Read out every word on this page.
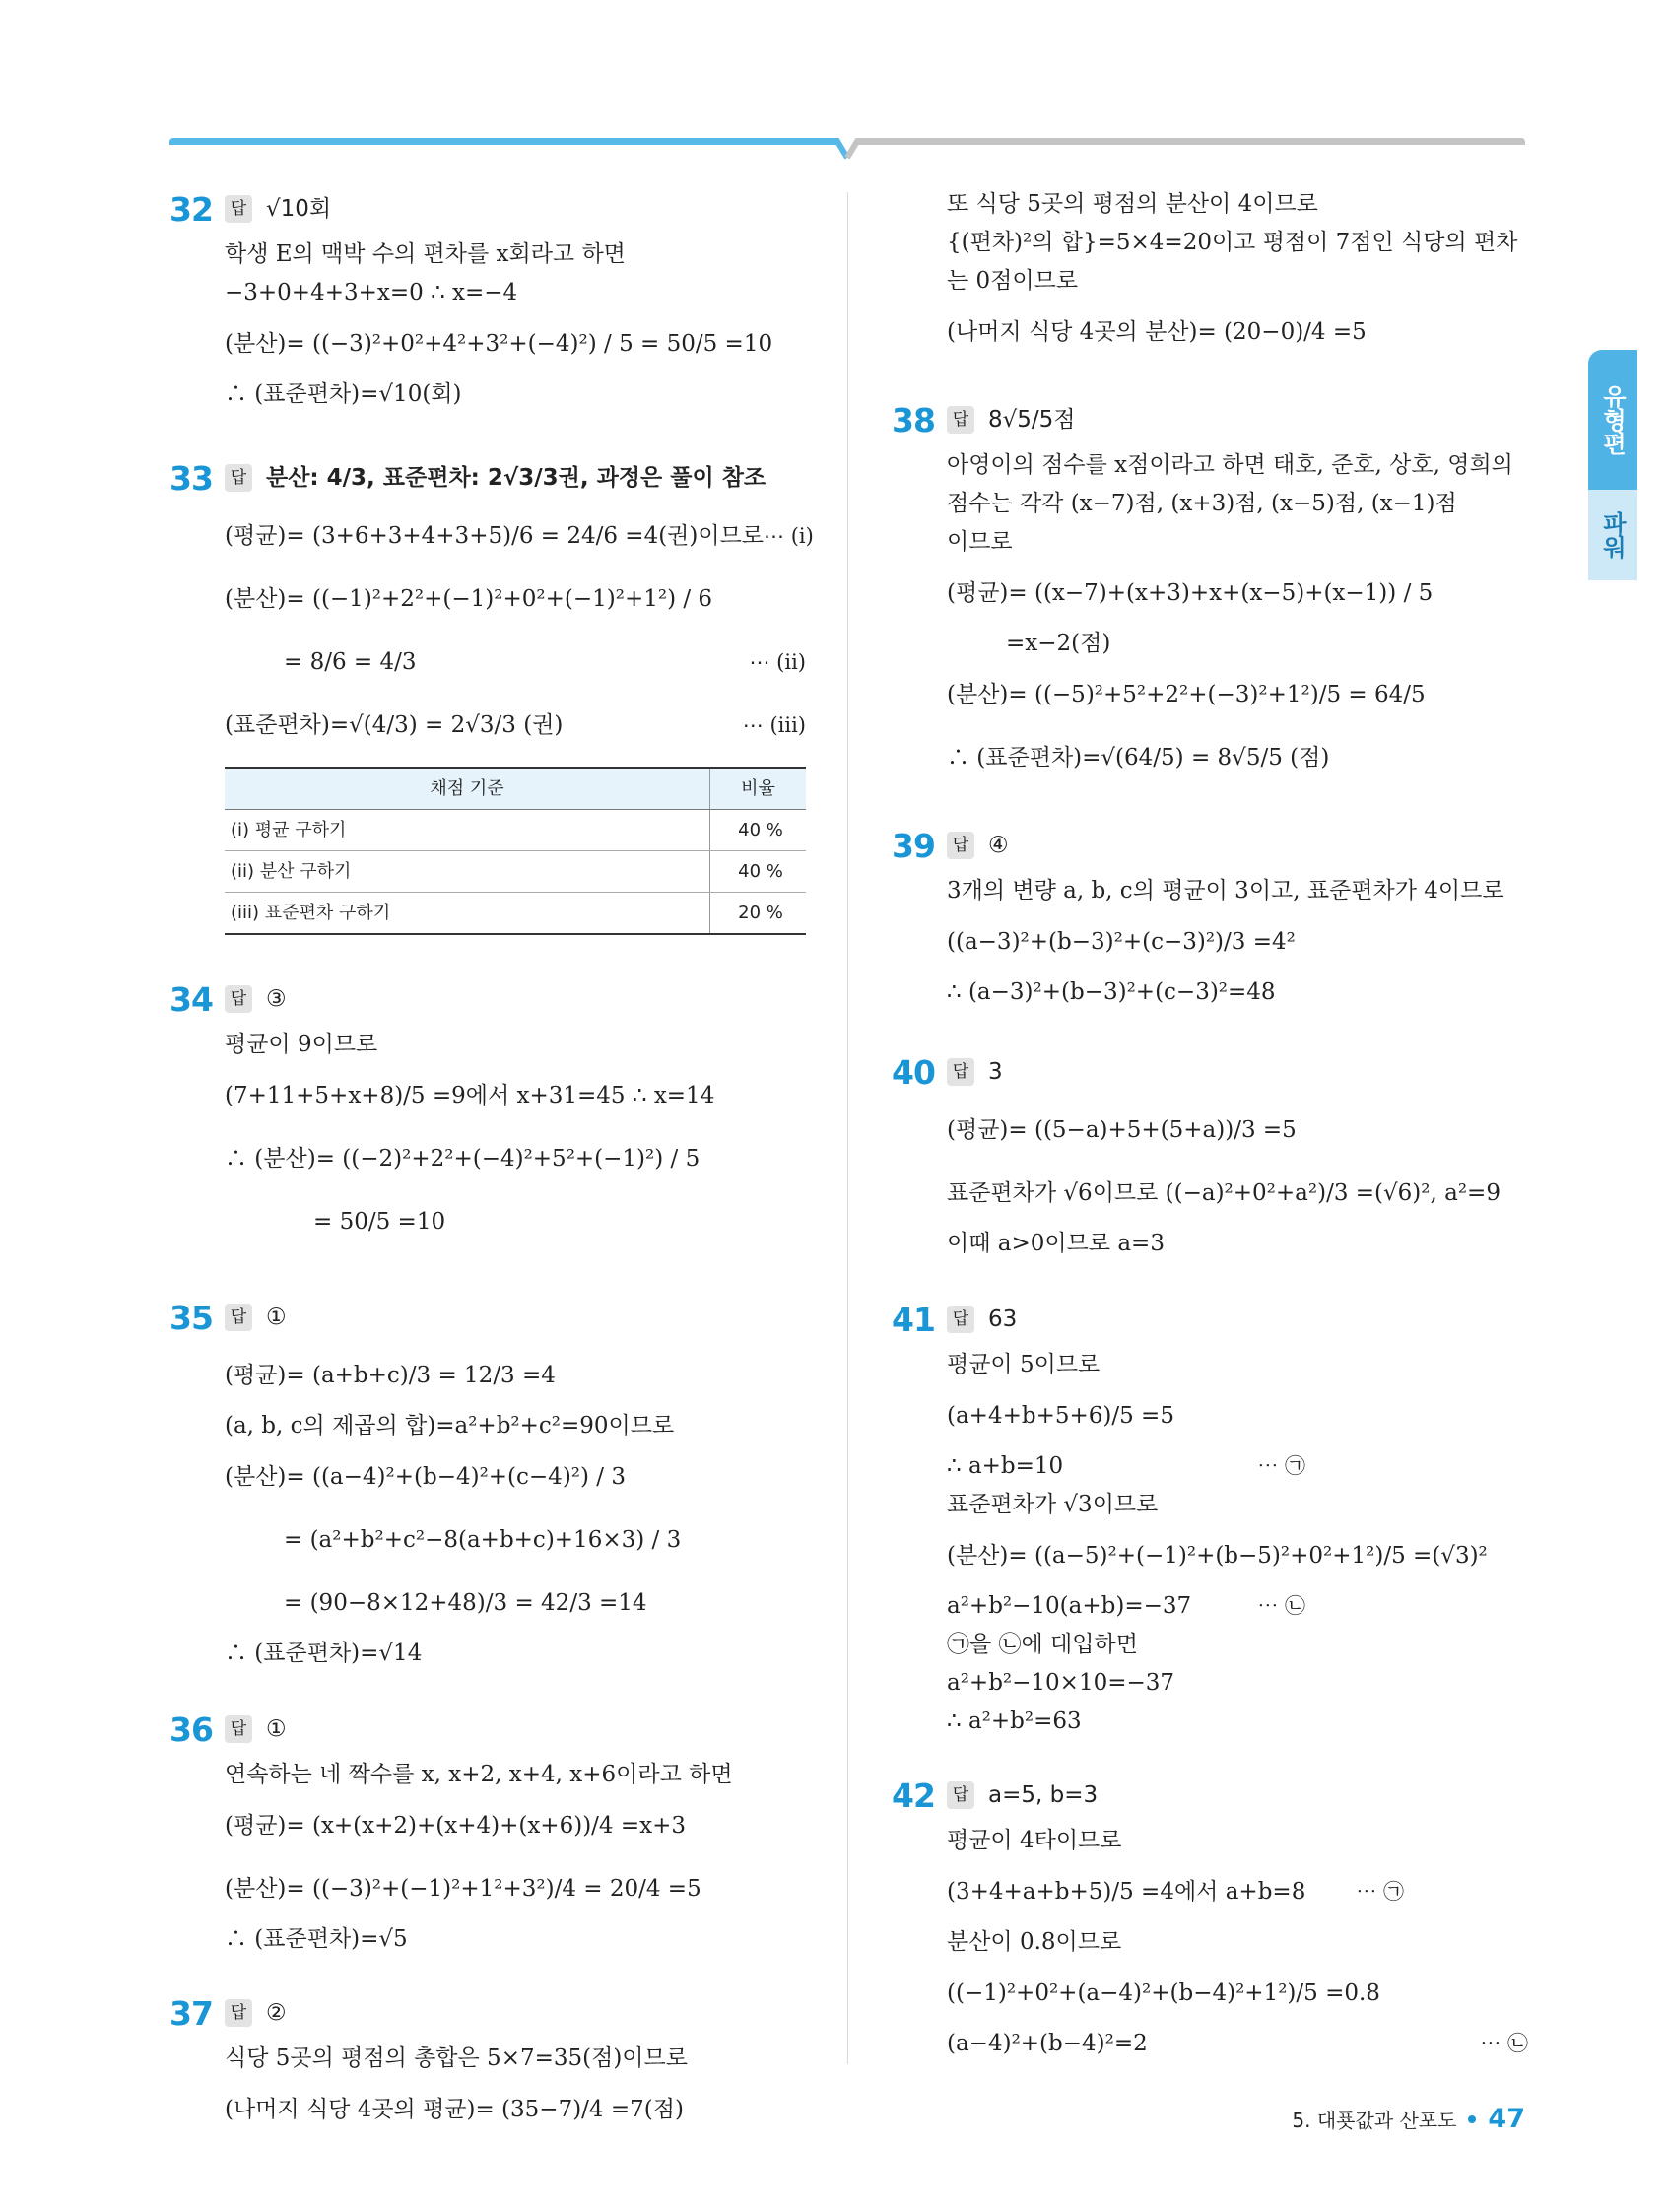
유형편
파워
32	답 √10회
학생 E의 맥박 수의 편차를 x회라고 하면
−3+0+4+3+x=0 ∴ x=−4
(분산)= ((−3)²+0²+4²+3²+(−4)²) / 5 = 50/5 =10
∴ (표준편차)=√10(회)
33	답 분산: 4/3, 표준편차: 2√3/3권, 과정은 풀이 참조
(평균)= (3+6+3+4+3+5)/6 = 24/6 =4(권)이므로 ⋯ (i)
(분산)= ((−1)²+2²+(−1)²+0²+(−1)²+1²) / 6
= 8/6 = 4/3	⋯ (ii)
(표준편차)=√(4/3) = 2√3/3 (권)	⋯ (iii)
채점 기준	비율
(i) 평균 구하기	40 %
(ii) 분산 구하기	40 %
(iii) 표준편차 구하기	20 %
34	답 ③
평균이 9이므로
(7+11+5+x+8)/5 =9에서 x+31=45 ∴ x=14
∴ (분산)= ((−2)²+2²+(−4)²+5²+(−1)²) / 5
= 50/5 =10
35	답 ①
(평균)= (a+b+c)/3 = 12/3 =4
(a, b, c의 제곱의 합)=a²+b²+c²=90이므로
(분산)= ((a−4)²+(b−4)²+(c−4)²) / 3
= (a²+b²+c²−8(a+b+c)+16×3) / 3
= (90−8×12+48)/3 = 42/3 =14
∴ (표준편차)=√14
36	답 ①
연속하는 네 짝수를 x, x+2, x+4, x+6이라고 하면
(평균)= (x+(x+2)+(x+4)+(x+6))/4 =x+3
(분산)= ((−3)²+(−1)²+1²+3²)/4 = 20/4 =5
∴ (표준편차)=√5
37	답 ②
식당 5곳의 평점의 총합은 5×7=35(점)이므로
(나머지 식당 4곳의 평균)= (35−7)/4 =7(점)
또 식당 5곳의 평점의 분산이 4이므로
{(편차)²의 합}=5×4=20이고 평점이 7점인 식당의 편차
는 0점이므로
(나머지 식당 4곳의 분산)= (20−0)/4 =5
38	답 8√5/5점
아영이의 점수를 x점이라고 하면 태호, 준호, 상호, 영희의
점수는 각각 (x−7)점, (x+3)점, (x−5)점, (x−1)점
이므로
(평균)= ((x−7)+(x+3)+x+(x−5)+(x−1)) / 5
=x−2(점)
(분산)= ((−5)²+5²+2²+(−3)²+1²)/5 = 64/5
∴ (표준편차)=√(64/5) = 8√5/5 (점)
39	답 ④
3개의 변량 a, b, c의 평균이 3이고, 표준편차가 4이므로
((a−3)²+(b−3)²+(c−3)²)/3 =4²
∴ (a−3)²+(b−3)²+(c−3)²=48
40	답 3
(평균)= ((5−a)+5+(5+a))/3 =5
표준편차가 √6이므로 ((−a)²+0²+a²)/3 =(√6)², a²=9
이때 a>0이므로 a=3
41	답 63
평균이 5이므로
(a+4+b+5+6)/5 =5
∴ a+b=10	⋯ ㉠
표준편차가 √3이므로
(분산)= ((a−5)²+(−1)²+(b−5)²+0²+1²)/5 =(√3)²
a²+b²−10(a+b)=−37	⋯ ㉡
㉠을 ㉡에 대입하면
a²+b²−10×10=−37
∴ a²+b²=63
42	답 a=5, b=3
평균이 4타이므로
(3+4+a+b+5)/5 =4에서 a+b=8 ⋯ ㉠
분산이 0.8이므로
((−1)²+0²+(a−4)²+(b−4)²+1²)/5 =0.8
(a−4)²+(b−4)²=2	⋯ ㉡
5. 대푯값과 산포도 47
